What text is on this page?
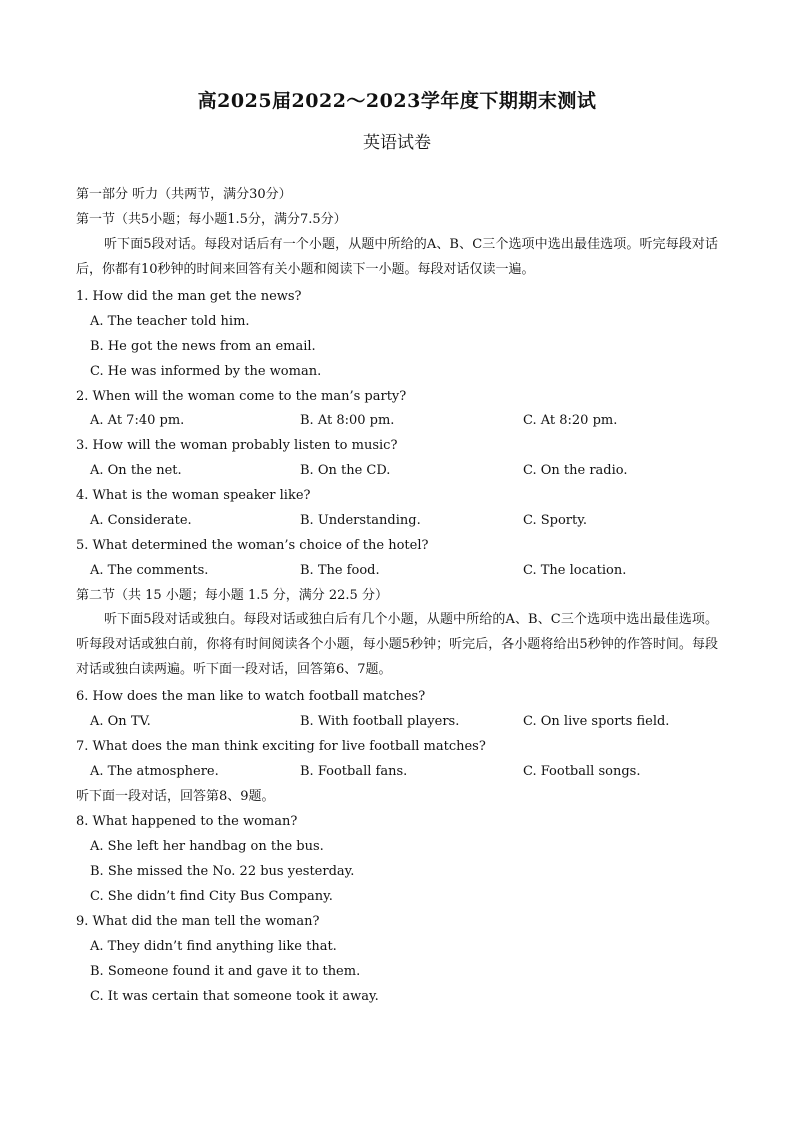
高2025届2022～2023学年度下期期末测试
英语试卷
第一部分 听力（共两节，满分30分）
第一节（共5小题；每小题1.5分，满分7.5分）
听下面5段对话。每段对话后有一个小题，从题中所给的A、B、C三个选项中选出最佳选项。听完每段对话后，你都有10秒钟的时间来回答有关小题和阅读下一小题。每段对话仅读一遍。
1. How did the man get the news?
A. The teacher told him.
B. He got the news from an email.
C. He was informed by the woman.
2. When will the woman come to the man’s party?
A. At 7:40 pm.	B. At 8:00 pm.	C. At 8:20 pm.
3. How will the woman probably listen to music?
A. On the net.	B. On the CD.	C. On the radio.
4. What is the woman speaker like?
A. Considerate.	B. Understanding.	C. Sporty.
5. What determined the woman’s choice of the hotel?
A. The comments.	B. The food.	C. The location.
第二节（共 15 小题；每小题 1.5 分，满分 22.5 分）
听下面5段对话或独白。每段对话或独白后有几个小题，从题中所给的A、B、C三个选项中选出最佳选项。听每段对话或独白前，你将有时间阅读各个小题，每小题5秒钟；听完后，各小题将给出5秒钟的作答时间。每段对话或独白读两遍。听下面一段对话，回答第6、7题。
6. How does the man like to watch football matches?
A. On TV.	B. With football players.	C. On live sports field.
7. What does the man think exciting for live football matches?
A. The atmosphere.	B. Football fans.	C. Football songs.
听下面一段对话，回答第8、9题。
8. What happened to the woman?
A. She left her handbag on the bus.
B. She missed the No. 22 bus yesterday.
C. She didn’t find City Bus Company.
9. What did the man tell the woman?
A. They didn’t find anything like that.
B. Someone found it and gave it to them.
C. It was certain that someone took it away.
